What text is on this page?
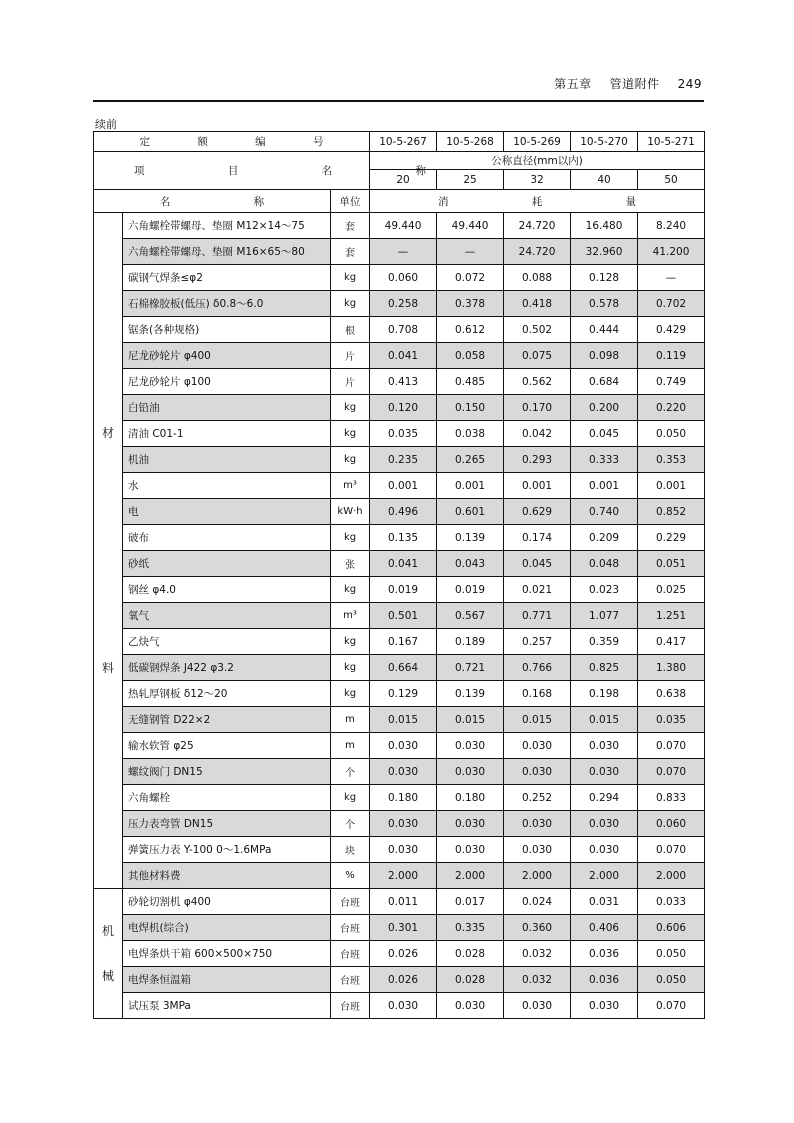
第五章 管道附件 249
续前
定 额 编 号			10-5-267	10-5-268	10-5-269	10-5-270	10-5-271
项 目 名 称			公称直径(mm以内)				
			20	25	32	40	50
名 称		单位	消 耗 量				

材
料	六角螺栓带螺母、垫圈 M12×14～75	套	49.440	49.440	24.720	16.480	8.240
	六角螺栓带螺母、垫圈 M16×65～80	套	—	—	24.720	32.960	41.200
	碳钢气焊条≤φ2	kg	0.060	0.072	0.088	0.128	—
	石棉橡胶板(低压) δ0.8～6.0	kg	0.258	0.378	0.418	0.578	0.702
	锯条(各种规格)	根	0.708	0.612	0.502	0.444	0.429
	尼龙砂轮片 φ400	片	0.041	0.058	0.075	0.098	0.119
	尼龙砂轮片 φ100	片	0.413	0.485	0.562	0.684	0.749
	白铅油	kg	0.120	0.150	0.170	0.200	0.220
	清油 C01-1	kg	0.035	0.038	0.042	0.045	0.050
	机油	kg	0.235	0.265	0.293	0.333	0.353
	水	m³	0.001	0.001	0.001	0.001	0.001
	电	kW·h	0.496	0.601	0.629	0.740	0.852
	破布	kg	0.135	0.139	0.174	0.209	0.229
	砂纸	张	0.041	0.043	0.045	0.048	0.051
	钢丝 φ4.0	kg	0.019	0.019	0.021	0.023	0.025
	氧气	m³	0.501	0.567	0.771	1.077	1.251
	乙炔气	kg	0.167	0.189	0.257	0.359	0.417
	低碳钢焊条 J422 φ3.2	kg	0.664	0.721	0.766	0.825	1.380
	热轧厚钢板 δ12～20	kg	0.129	0.139	0.168	0.198	0.638
	无缝钢管 D22×2	m	0.015	0.015	0.015	0.015	0.035
	输水软管 φ25	m	0.030	0.030	0.030	0.030	0.070
	螺纹阀门 DN15	个	0.030	0.030	0.030	0.030	0.070
	六角螺栓	kg	0.180	0.180	0.252	0.294	0.833
	压力表弯管 DN15	个	0.030	0.030	0.030	0.030	0.060
	弹簧压力表 Y-100 0～1.6MPa	块	0.030	0.030	0.030	0.030	0.070
	其他材料费	%	2.000	2.000	2.000	2.000	2.000

机
械	砂轮切割机 φ400	台班	0.011	0.017	0.024	0.031	0.033
	电焊机(综合)	台班	0.301	0.335	0.360	0.406	0.606
	电焊条烘干箱 600×500×750	台班	0.026	0.028	0.032	0.036	0.050
	电焊条恒温箱	台班	0.026	0.028	0.032	0.036	0.050
	试压泵 3MPa	台班	0.030	0.030	0.030	0.030	0.070
